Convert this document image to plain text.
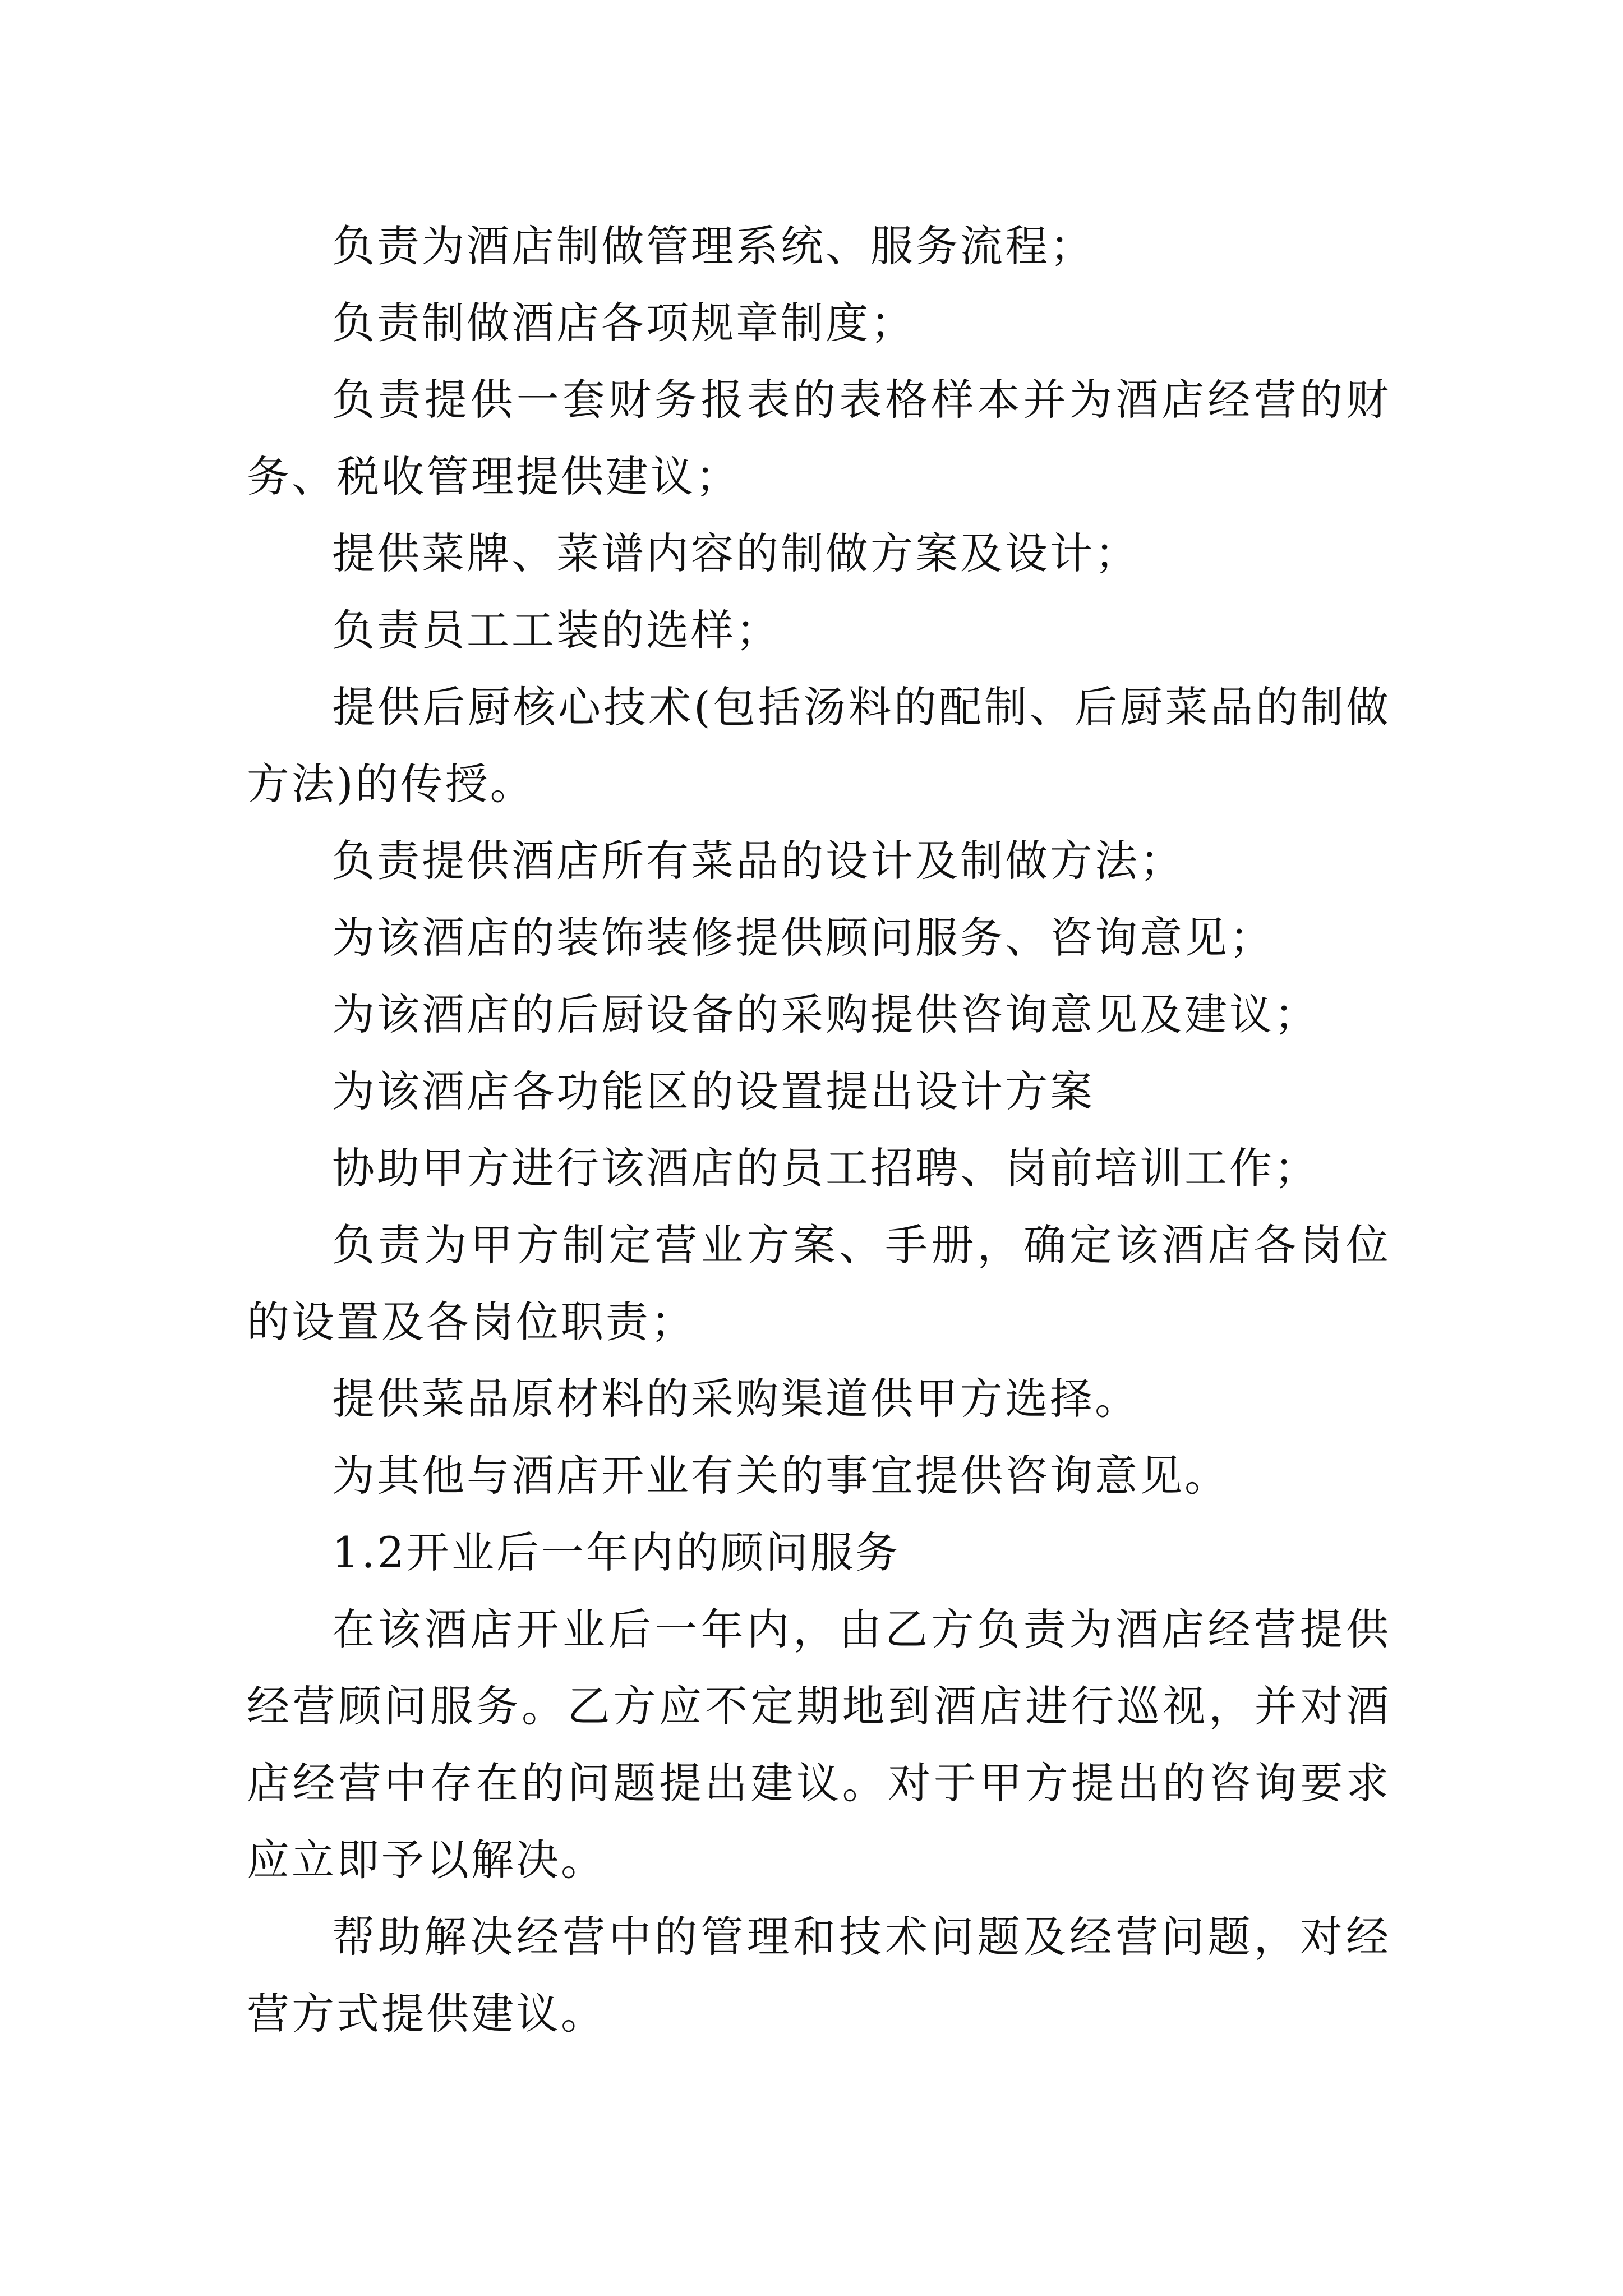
负责为酒店制做管理系统、服务流程；

负责制做酒店各项规章制度；

负责提供一套财务报表的表格样本并为酒店经营的财务、税收管理提供建议；

提供菜牌、菜谱内容的制做方案及设计；

负责员工工装的选样；

提供后厨核心技术(包括汤料的配制、后厨菜品的制做方法)的传授。

负责提供酒店所有菜品的设计及制做方法；

为该酒店的装饰装修提供顾问服务、咨询意见；

为该酒店的后厨设备的采购提供咨询意见及建议；

为该酒店各功能区的设置提出设计方案

协助甲方进行该酒店的员工招聘、岗前培训工作；

负责为甲方制定营业方案、手册，确定该酒店各岗位的设置及各岗位职责；

提供菜品原材料的采购渠道供甲方选择。

为其他与酒店开业有关的事宜提供咨询意见。

1.2开业后一年内的顾问服务

在该酒店开业后一年内，由乙方负责为酒店经营提供经营顾问服务。乙方应不定期地到酒店进行巡视，并对酒店经营中存在的问题提出建议。对于甲方提出的咨询要求应立即予以解决。

帮助解决经营中的管理和技术问题及经营问题，对经营方式提供建议。
